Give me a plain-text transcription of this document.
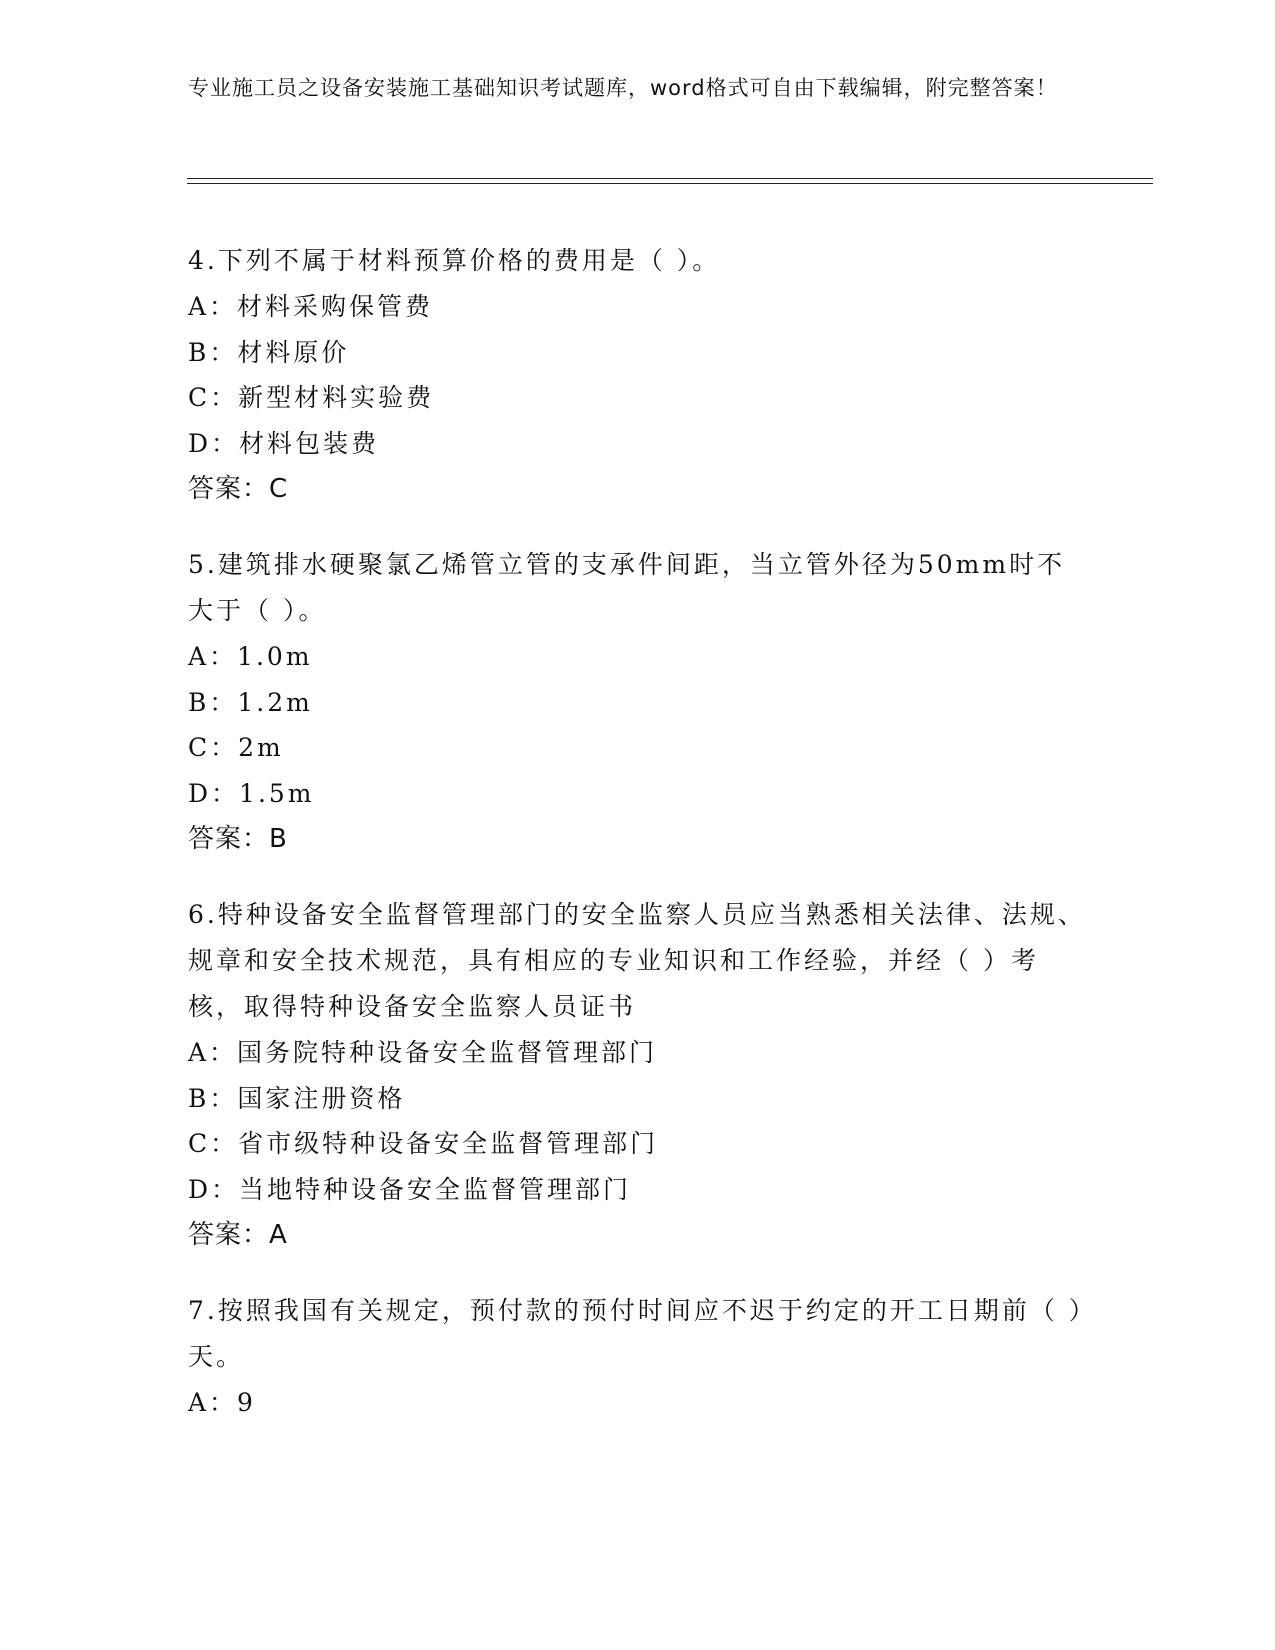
专业施工员之设备安装施工基础知识考试题库，word格式可自由下载编辑，附完整答案！
4.下列不属于材料预算价格的费用是（ ）。
A：材料采购保管费
B：材料原价
C：新型材料实验费
D：材料包装费
答案：C
5.建筑排水硬聚氯乙烯管立管的支承件间距，当立管外径为50mm时不大于（ ）。
A：1.0m
B：1.2m
C：2m
D：1.5m
答案：B
6.特种设备安全监督管理部门的安全监察人员应当熟悉相关法律、法规、规章和安全技术规范，具有相应的专业知识和工作经验，并经（ ）考核，取得特种设备安全监察人员证书
A：国务院特种设备安全监督管理部门
B：国家注册资格
C：省市级特种设备安全监督管理部门
D：当地特种设备安全监督管理部门
答案：A
7.按照我国有关规定，预付款的预付时间应不迟于约定的开工日期前（ ）天。
A：9
